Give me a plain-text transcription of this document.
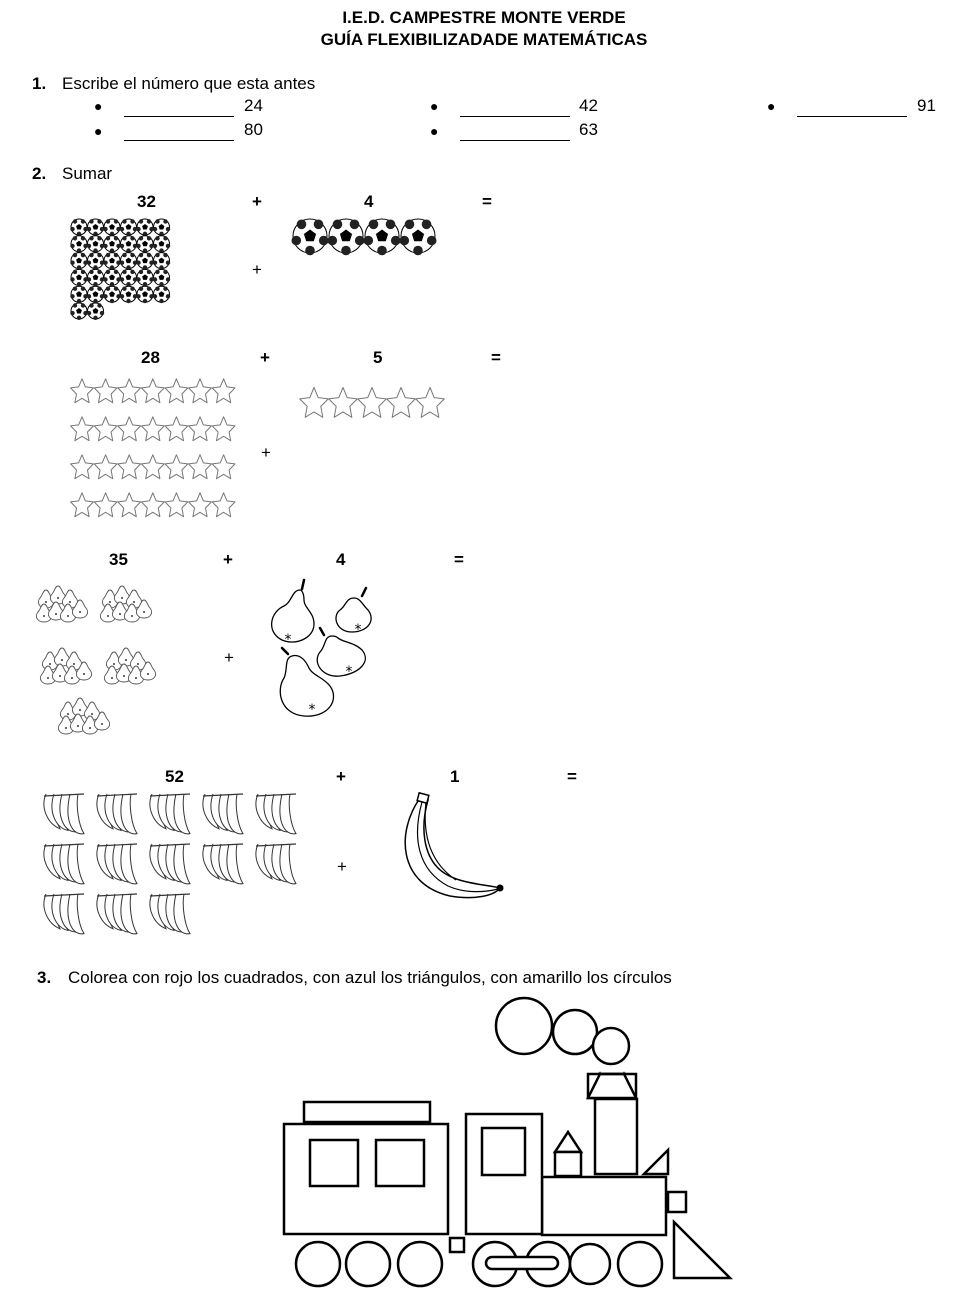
I.E.D. CAMPESTRE MONTE VERDE
GUÍA FLEXIBILIZADADE MATEMÁTICAS
1. Escribe el número que esta antes
●	24	●	42	●	91
●	80	●	63
2. Sumar
32	+	4	=
+
28	+	5	=
+
35	+	4	=
+
*
*
*
*
52	+	1	=
+
3. Colorea con rojo los cuadrados, con azul los triángulos, con amarillo los círculos
